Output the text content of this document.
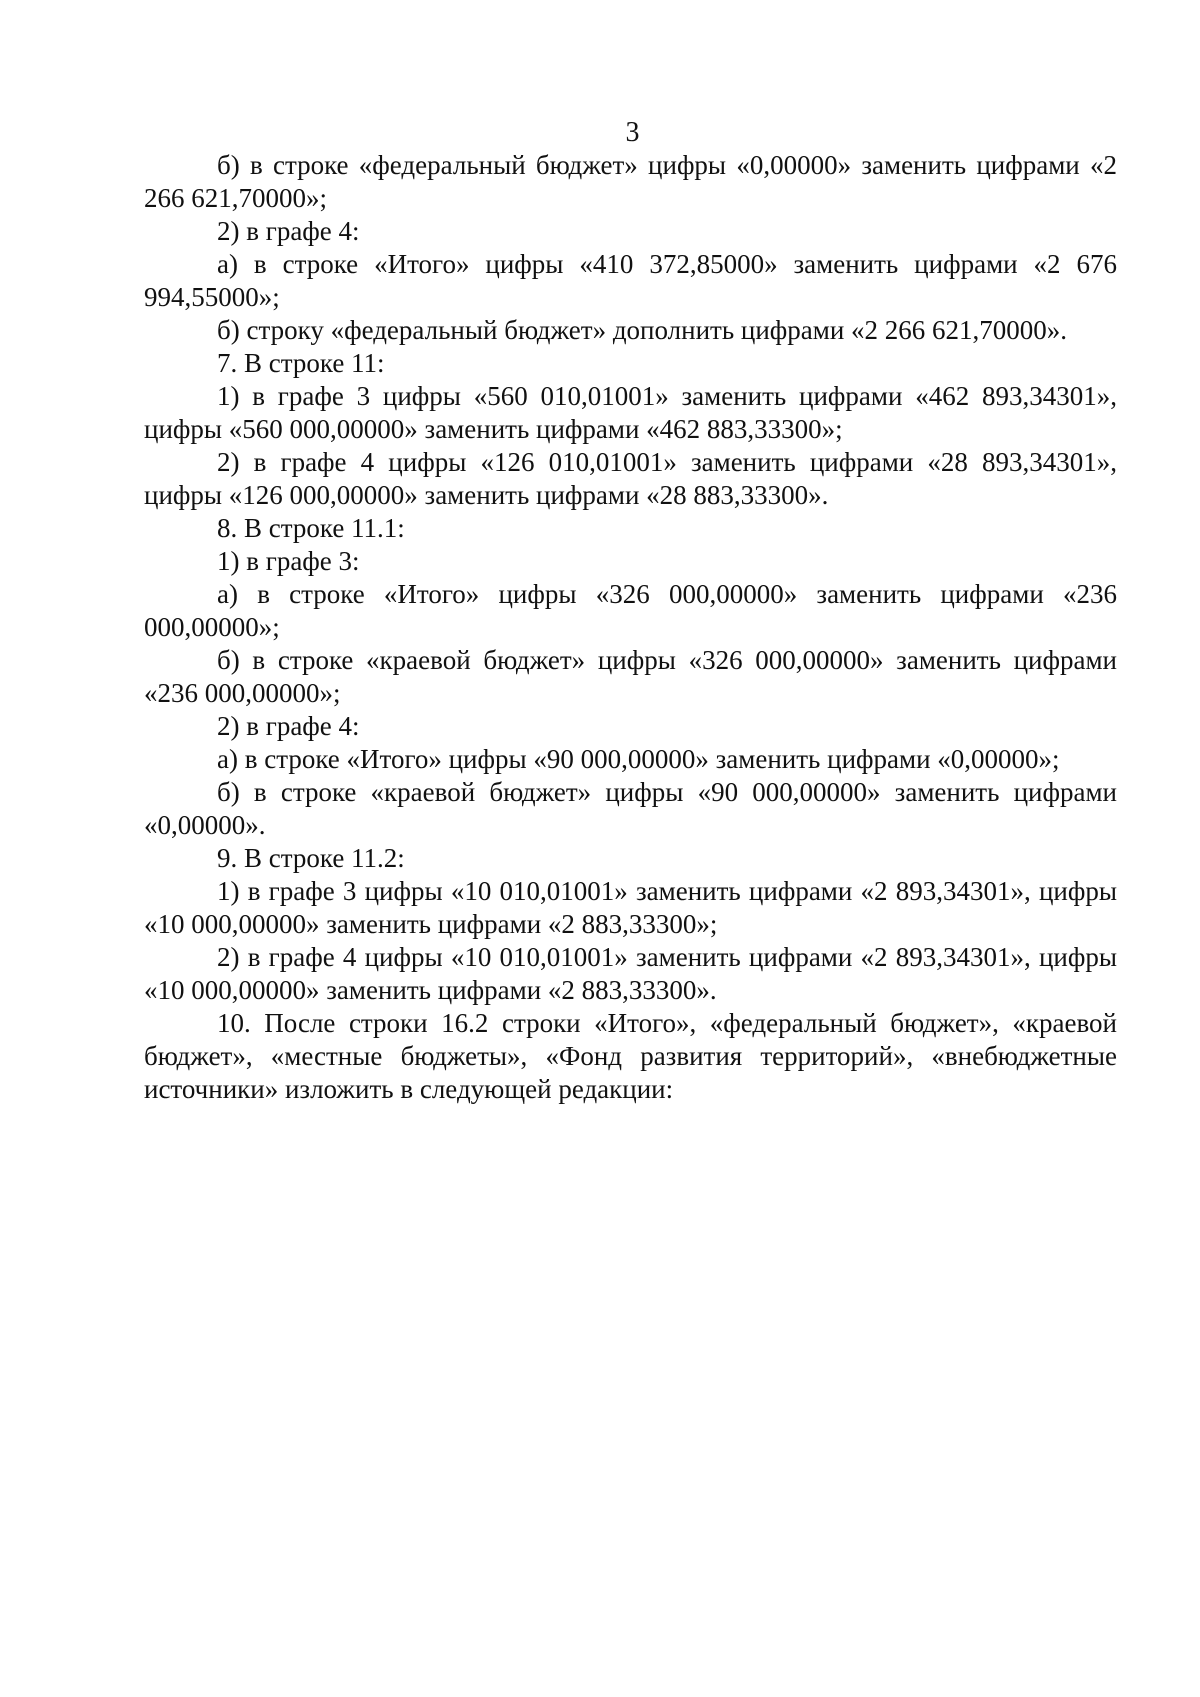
3

б) в строке «федеральный бюджет» цифры «0,00000» заменить цифрами «2 266 621,70000»;

2) в графе 4:

а) в строке «Итого» цифры «410 372,85000» заменить цифрами «2 676 994,55000»;

б) строку «федеральный бюджет» дополнить цифрами «2 266 621,70000».

7. В строке 11:

1) в графе 3 цифры «560 010,01001» заменить цифрами «462 893,34301», цифры «560 000,00000» заменить цифрами «462 883,33300»;

2) в графе 4 цифры «126 010,01001» заменить цифрами «28 893,34301», цифры «126 000,00000» заменить цифрами «28 883,33300».

8. В строке 11.1:

1) в графе 3:

а) в строке «Итого» цифры «326 000,00000» заменить цифрами «236 000,00000»;

б) в строке «краевой бюджет» цифры «326 000,00000» заменить цифрами «236 000,00000»;

2) в графе 4:

а) в строке «Итого» цифры «90 000,00000» заменить цифрами «0,00000»;

б) в строке «краевой бюджет» цифры «90 000,00000» заменить цифрами «0,00000».

9. В строке 11.2:

1) в графе 3 цифры «10 010,01001» заменить цифрами «2 893,34301», цифры «10 000,00000» заменить цифрами «2 883,33300»;

2) в графе 4 цифры «10 010,01001» заменить цифрами «2 893,34301», цифры «10 000,00000» заменить цифрами «2 883,33300».

10. После строки 16.2 строки «Итого», «федеральный бюджет», «краевой бюджет», «местные бюджеты», «Фонд развития территорий», «внебюджетные источники» изложить в следующей редакции:
